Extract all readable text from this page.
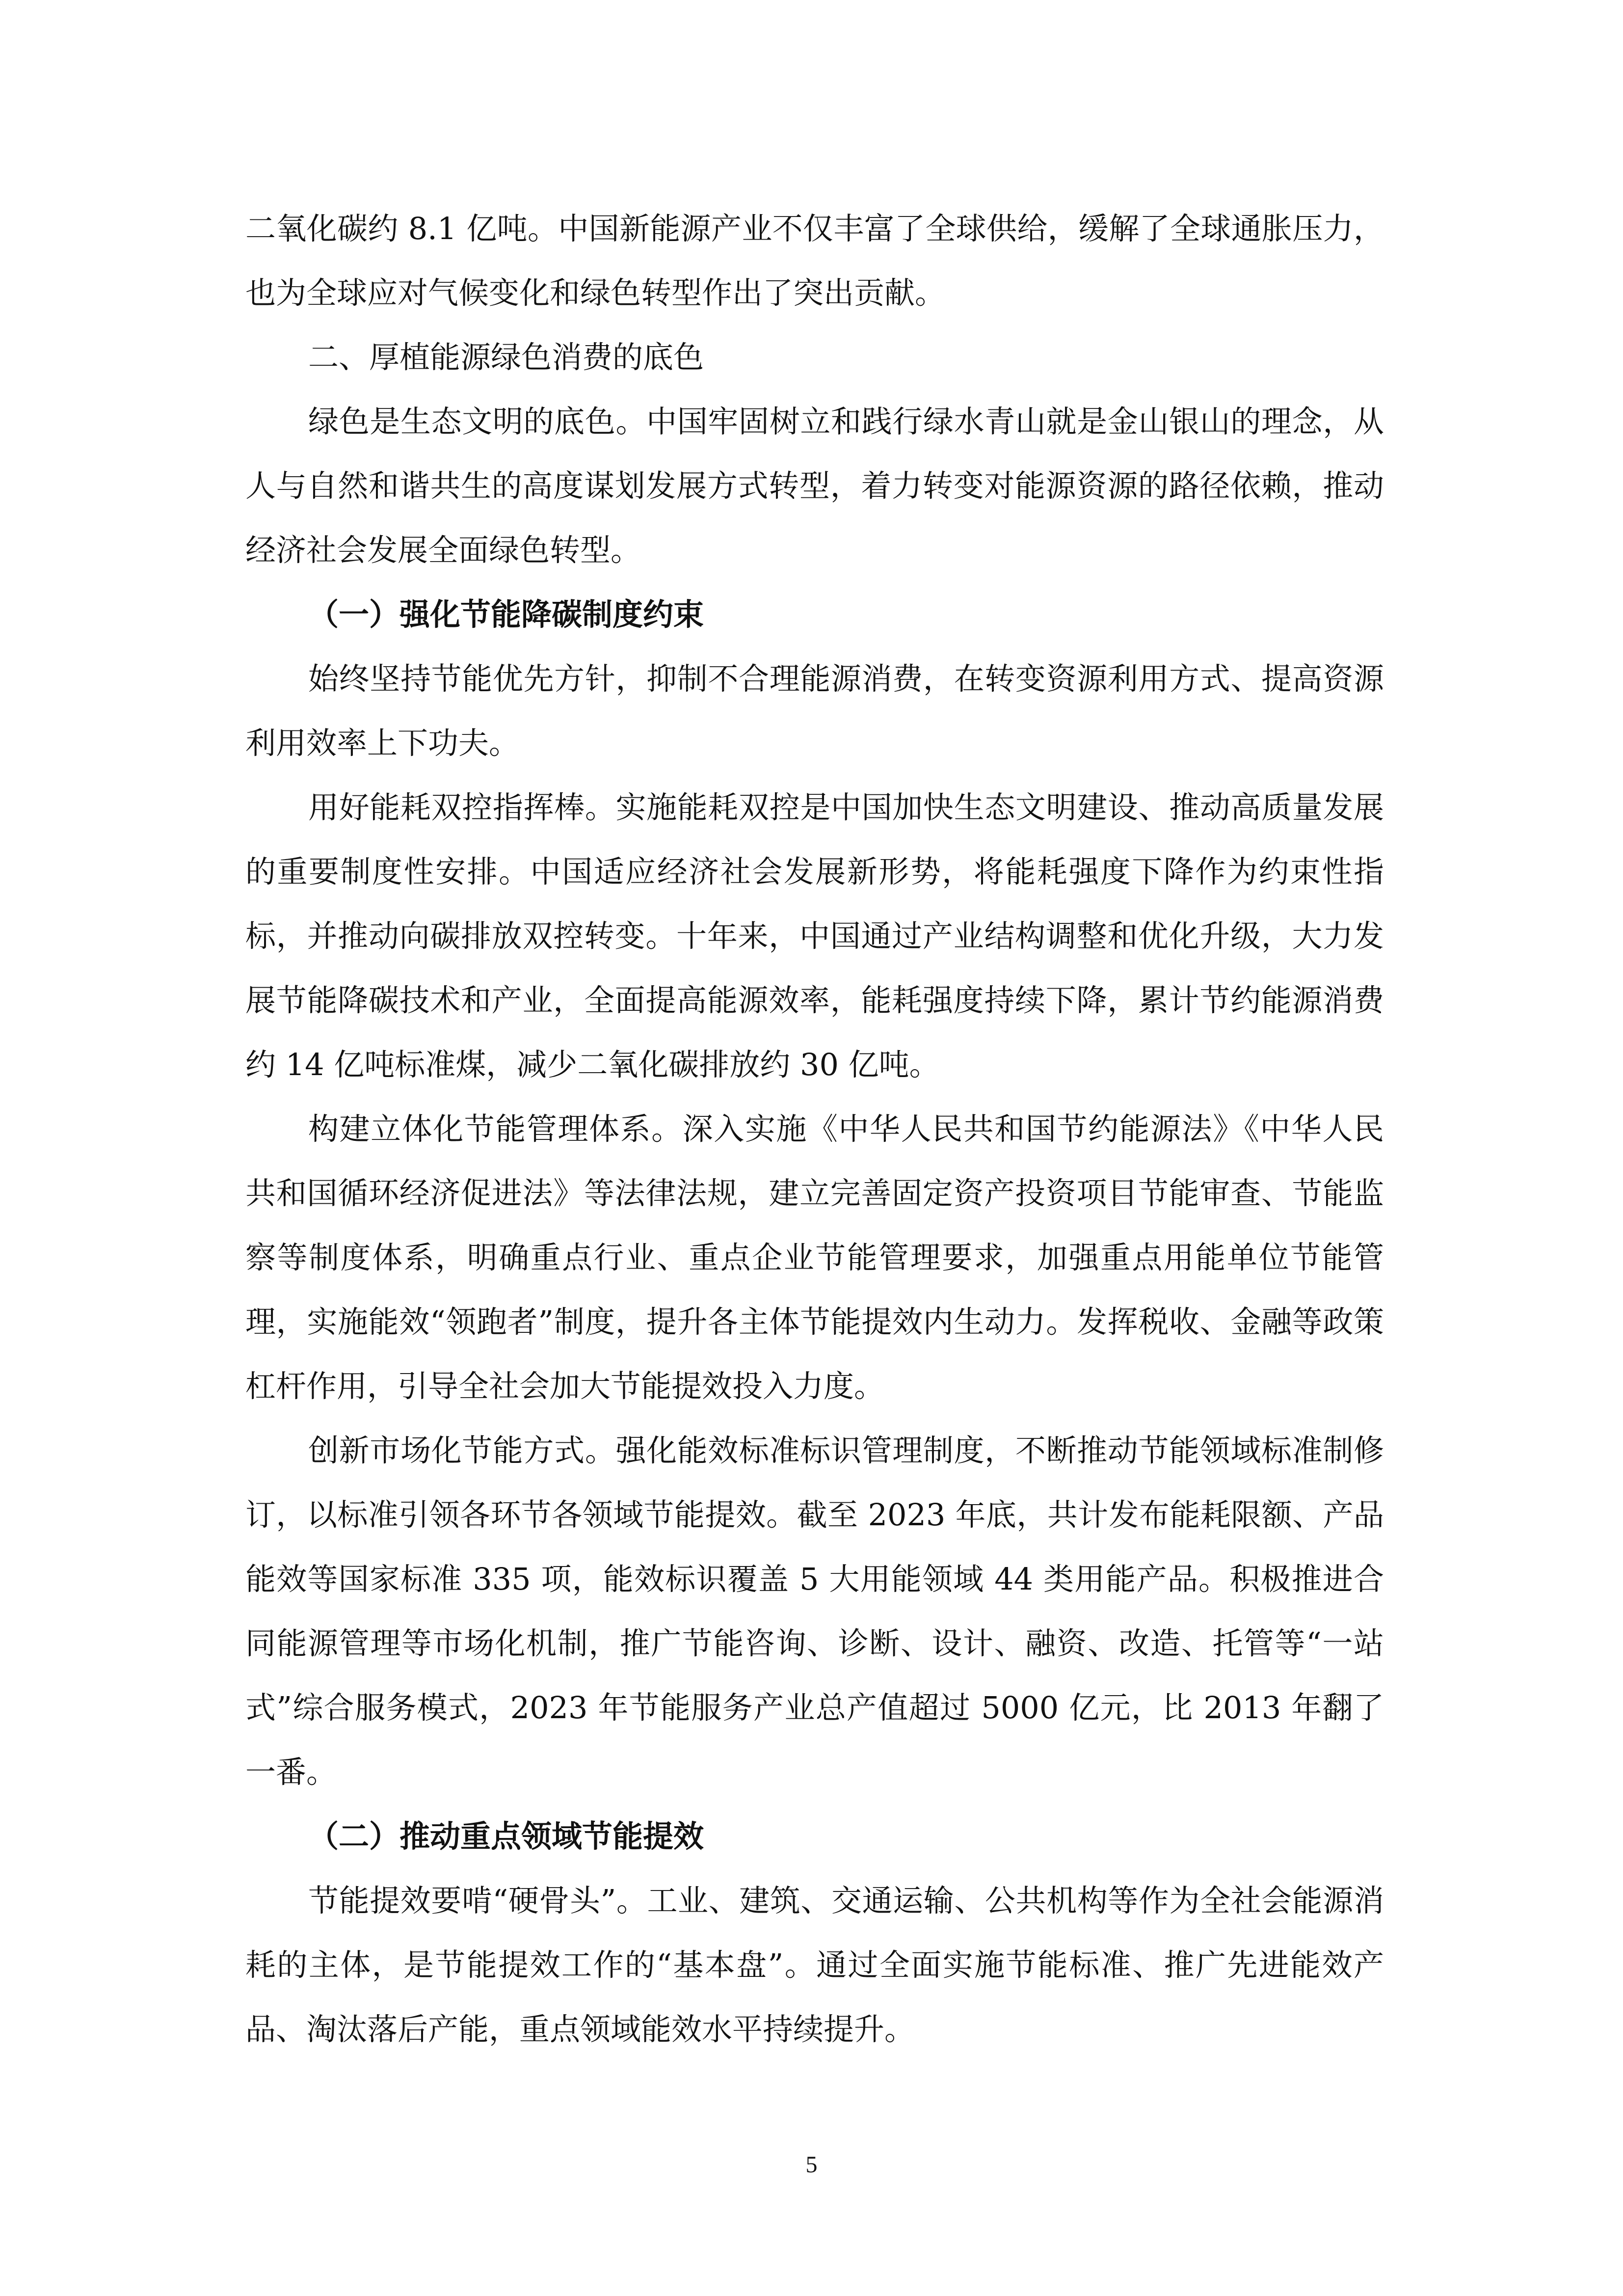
二氧化碳约 8.1 亿吨。中国新能源产业不仅丰富了全球供给，缓解了全球通胀压力，也为全球应对气候变化和绿色转型作出了突出贡献。

二、厚植能源绿色消费的底色

绿色是生态文明的底色。中国牢固树立和践行绿水青山就是金山银山的理念，从人与自然和谐共生的高度谋划发展方式转型，着力转变对能源资源的路径依赖，推动经济社会发展全面绿色转型。

（一）强化节能降碳制度约束

始终坚持节能优先方针，抑制不合理能源消费，在转变资源利用方式、提高资源利用效率上下功夫。

用好能耗双控指挥棒。实施能耗双控是中国加快生态文明建设、推动高质量发展的重要制度性安排。中国适应经济社会发展新形势，将能耗强度下降作为约束性指标，并推动向碳排放双控转变。十年来，中国通过产业结构调整和优化升级，大力发展节能降碳技术和产业，全面提高能源效率，能耗强度持续下降，累计节约能源消费约 14 亿吨标准煤，减少二氧化碳排放约 30 亿吨。

构建立体化节能管理体系。深入实施《中华人民共和国节约能源法》《中华人民共和国循环经济促进法》等法律法规，建立完善固定资产投资项目节能审查、节能监察等制度体系，明确重点行业、重点企业节能管理要求，加强重点用能单位节能管理，实施能效“领跑者”制度，提升各主体节能提效内生动力。发挥税收、金融等政策杠杆作用，引导全社会加大节能提效投入力度。

创新市场化节能方式。强化能效标准标识管理制度，不断推动节能领域标准制修订，以标准引领各环节各领域节能提效。截至 2023 年底，共计发布能耗限额、产品能效等国家标准 335 项，能效标识覆盖 5 大用能领域 44 类用能产品。积极推进合同能源管理等市场化机制，推广节能咨询、诊断、设计、融资、改造、托管等“一站式”综合服务模式，2023 年节能服务产业总产值超过 5000 亿元，比 2013 年翻了一番。

（二）推动重点领域节能提效

节能提效要啃“硬骨头”。工业、建筑、交通运输、公共机构等作为全社会能源消耗的主体，是节能提效工作的“基本盘”。通过全面实施节能标准、推广先进能效产品、淘汰落后产能，重点领域能效水平持续提升。

5
